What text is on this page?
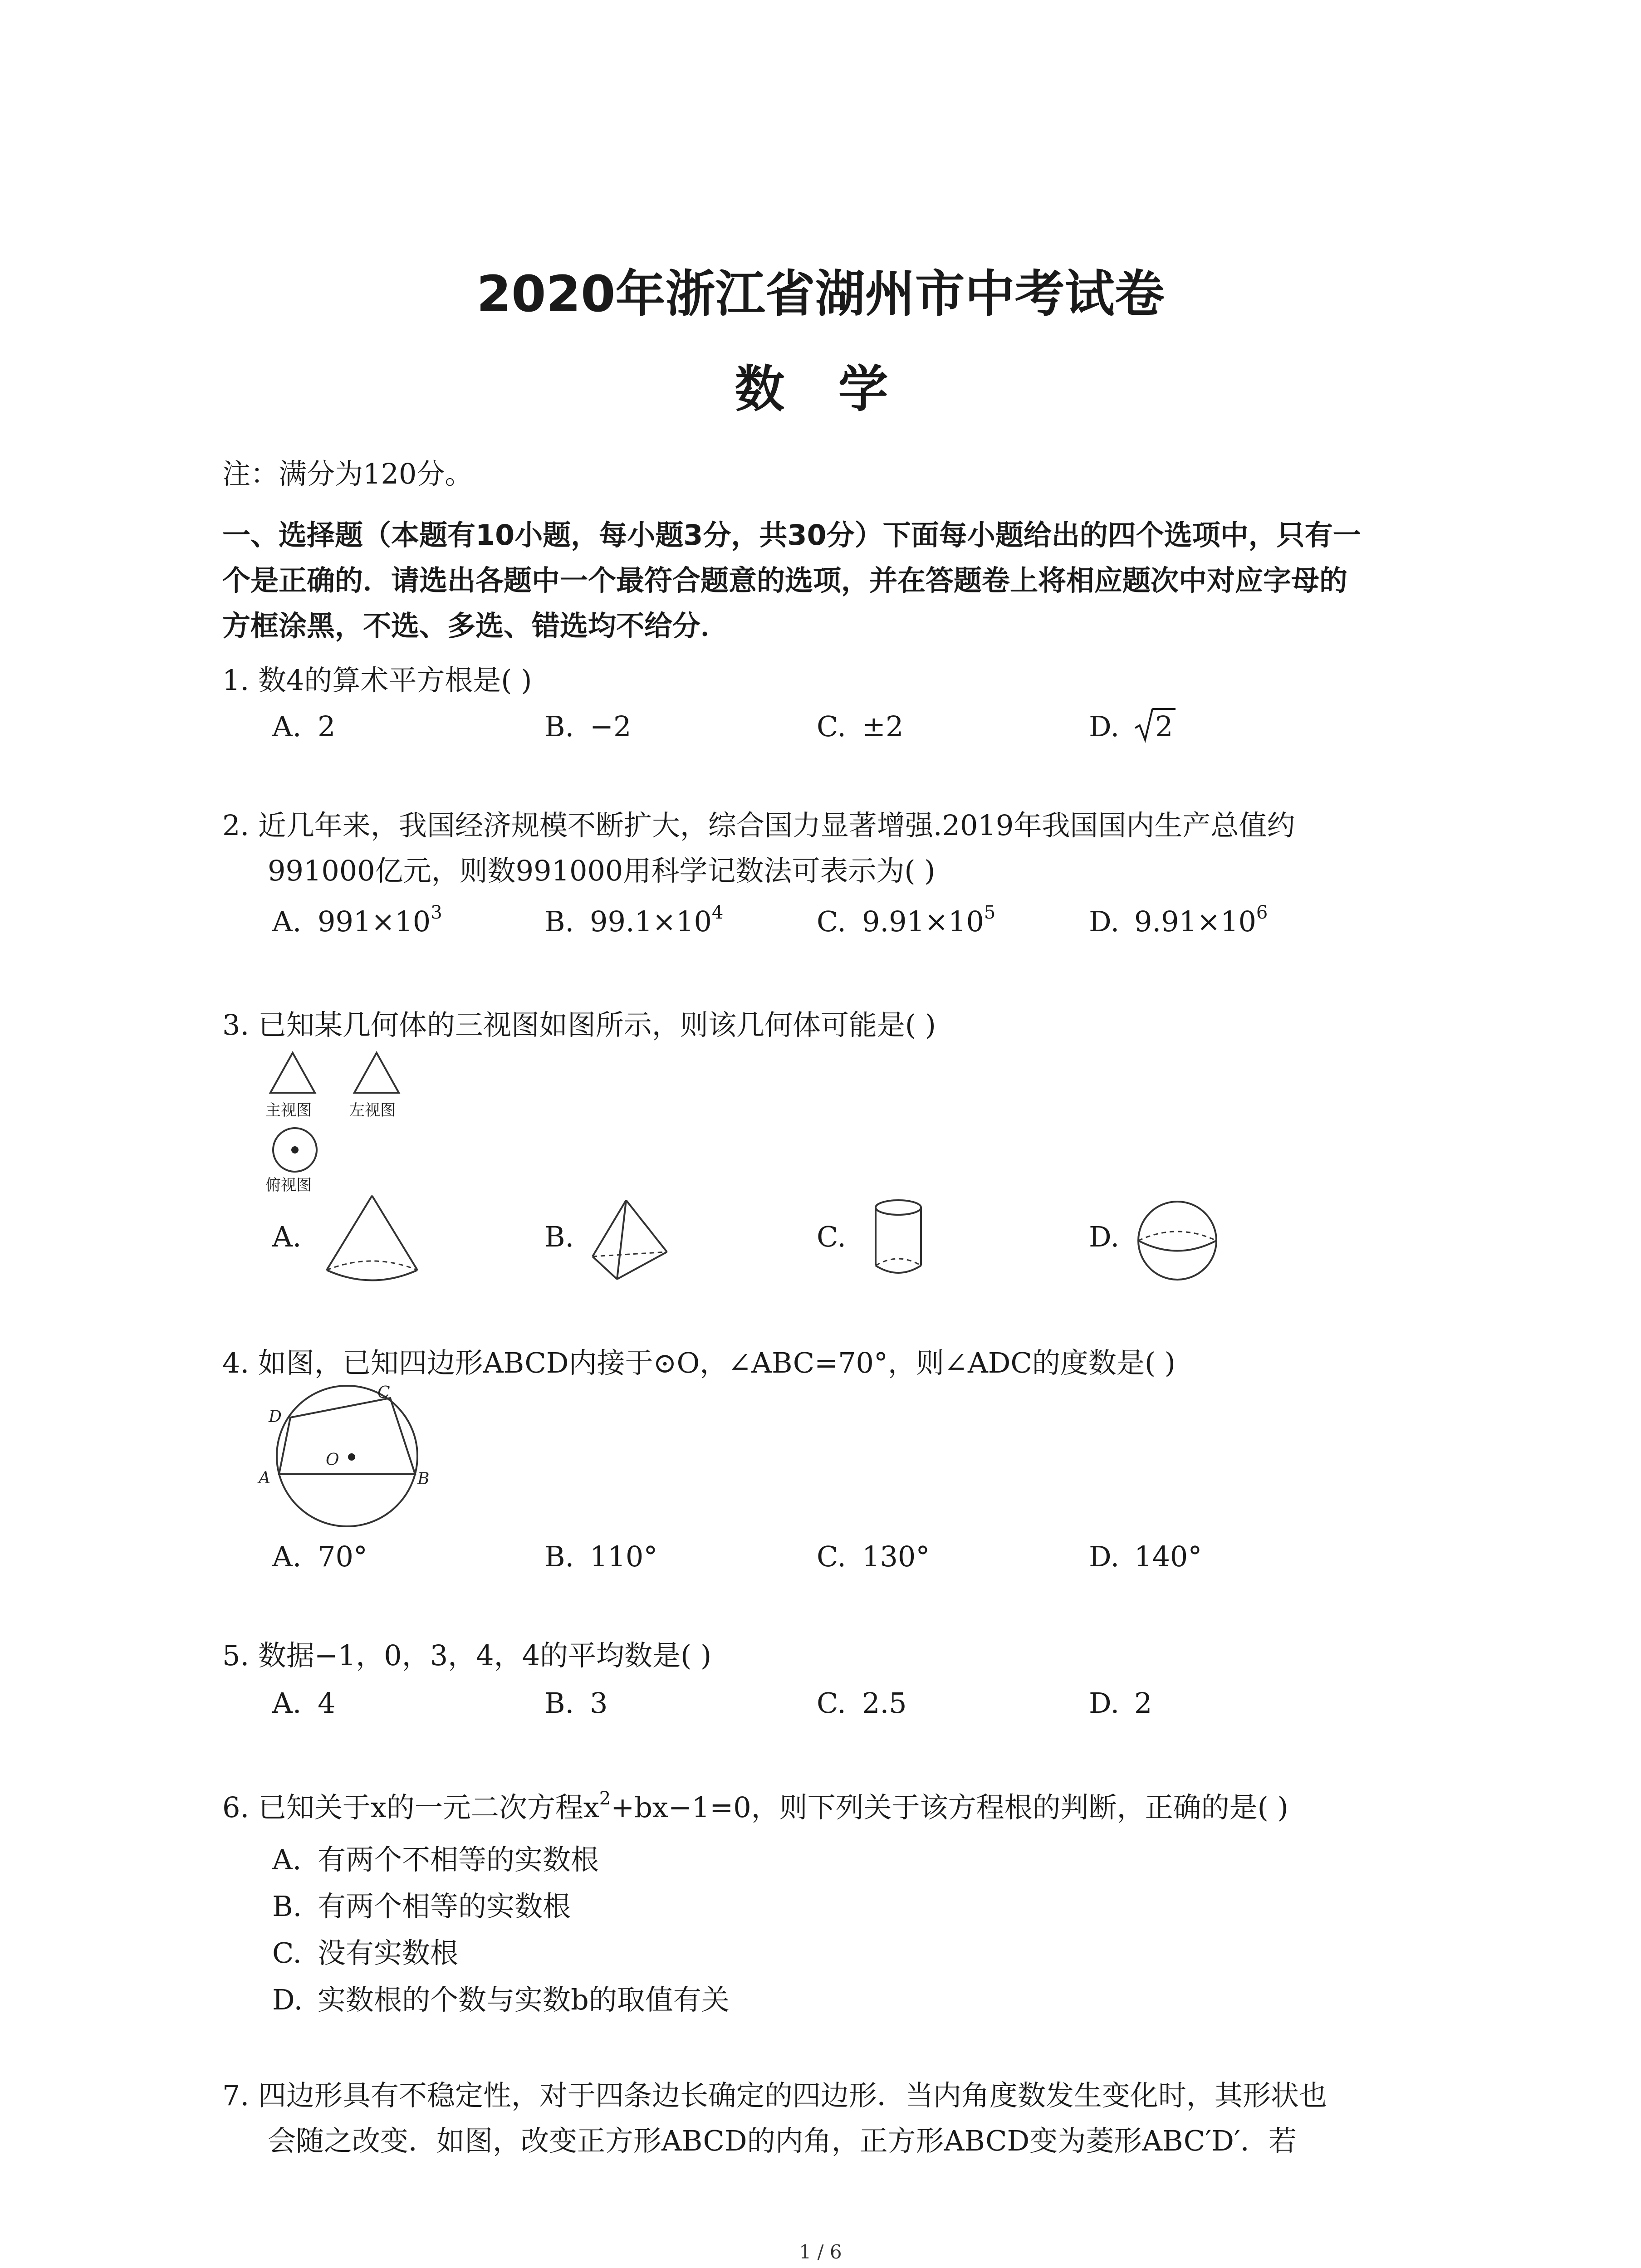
2020年浙江省湖州市中考试卷
数 学
注：满分为120分。
一、选择题（本题有10小题，每小题3分，共30分）下面每小题给出的四个选项中，只有一
个是正确的．请选出各题中一个最符合题意的选项，并在答题卷上将相应题次中对应字母的
方框涂黑，不选、多选、错选均不给分．
1. 数4的算术平方根是( )
A. 2	B. −2	C. ±2	D. 2
2. 近几年来，我国经济规模不断扩大，综合国力显著增强.2019年我国国内生产总值约
991000亿元，则数991000用科学记数法可表示为( )
A. $991\times 10^3$	B. $99.1\times 10^4$	C. $9.91\times 10^5$	D. $9.91\times 10^6$
3. 已知某几何体的三视图如图所示，则该几何体可能是( )
主视图 左视图
俯视图
A.	B.	C.	D.
4. 如图，已知四边形ABCD内接于⊙O，∠ABC=70°，则∠ADC的度数是( )
A	B
C
D
O
A. 70°	B. 110°	C. 130°	D. 140°
5. 数据−1，0，3，4，4的平均数是( )
A. 4	B. 3	C. 2.5	D. 2
6. 已知关于x的一元二次方程$x^2+bx-1=0$，则下列关于该方程根的判断，正确的是( )
A. 有两个不相等的实数根
B. 有两个相等的实数根
C. 没有实数根
D. 实数根的个数与实数b的取值有关
7. 四边形具有不稳定性，对于四条边长确定的四边形．当内角度数发生变化时，其形状也
会随之改变．如图，改变正方形ABCD的内角，正方形ABCD变为菱形ABC′D′．若
1 / 6
